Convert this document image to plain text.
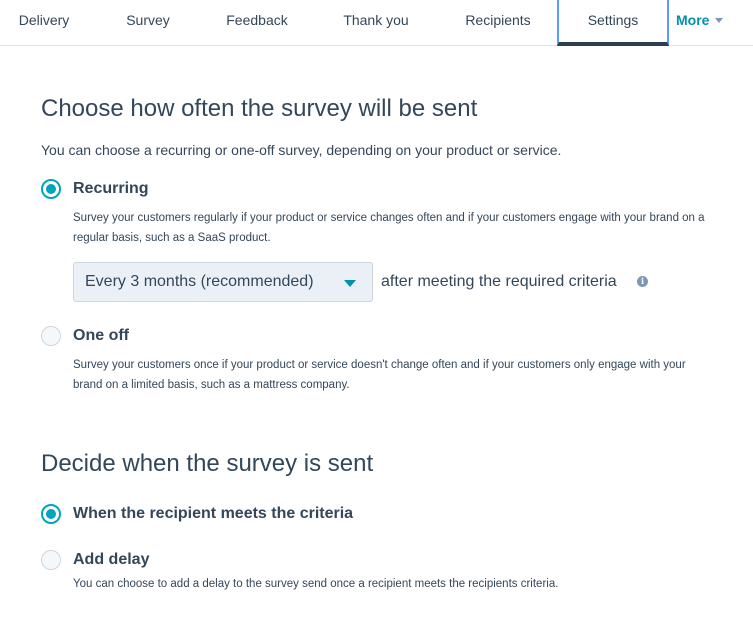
Delivery	Survey	Feedback	Thank you	Recipients	Settings	More
Choose how often the survey will be sent
You can choose a recurring or one-off survey, depending on your product or service.
Recurring
Survey your customers regularly if your product or service changes often and if your customers engage with your brand on a regular basis, such as a SaaS product.
Every 3 months (recommended)	after meeting the required criteria	i
One off
Survey your customers once if your product or service doesn't change often and if your customers only engage with your brand on a limited basis, such as a mattress company.
Decide when the survey is sent
When the recipient meets the criteria
Add delay
You can choose to add a delay to the survey send once a recipient meets the recipients criteria.
